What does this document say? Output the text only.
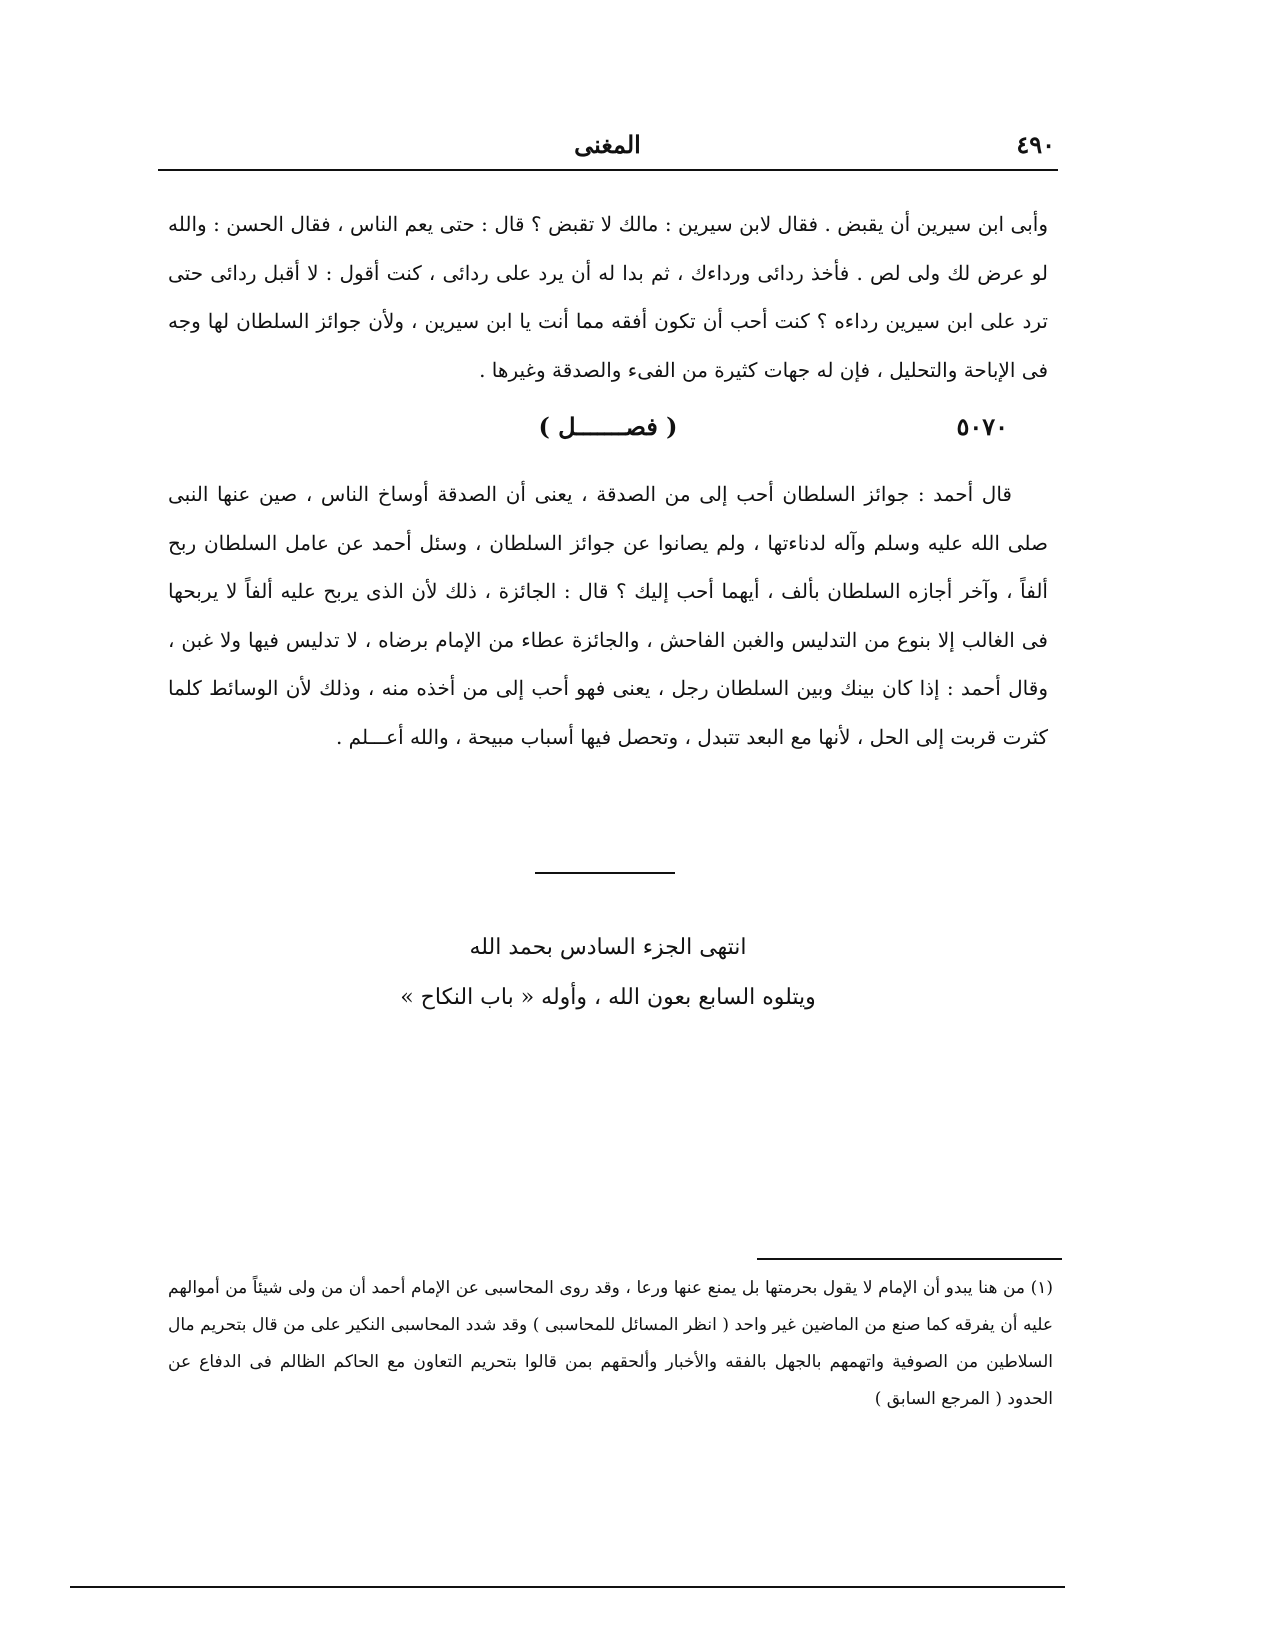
٤٩٠
المغنى

وأبى ابن سيرين أن يقبض . فقال لابن سيرين : مالك لا تقبض ؟ قال : حتى يعم الناس ، فقال الحسن : والله لو عرض لك ولى لص . فأخذ ردائى ورداءك ، ثم بدا له أن يرد على ردائى ، كنت أقول : لا أقبل ردائى حتى ترد على ابن سيرين رداءه ؟ كنت أحب أن تكون أفقه مما أنت يا ابن سيرين ، ولأن جوائز السلطان لها وجه فى الإباحة والتحليل ، فإن له جهات كثيرة من الفىء والصدقة وغيرها .

٥٠٧٠
( فصـــــــل )

قال أحمد : جوائز السلطان أحب إلى من الصدقة ، يعنى أن الصدقة أوساخ الناس ، صين عنها النبى صلى الله عليه وسلم وآله لدناءتها ، ولم يصانوا عن جوائز السلطان ، وسئل أحمد عن عامل السلطان ربح ألفاً ، وآخر أجازه السلطان بألف ، أيهما أحب إليك ؟ قال : الجائزة ، ذلك لأن الذى يربح عليه ألفاً لا يربحها فى الغالب إلا بنوع من التدليس والغبن الفاحش ، والجائزة عطاء من الإمام برضاه ، لا تدليس فيها ولا غبن ، وقال أحمد : إذا كان بينك وبين السلطان رجل ، يعنى فهو أحب إلى من أخذه منه ، وذلك لأن الوسائط كلما كثرت قربت إلى الحل ، لأنها مع البعد تتبدل ، وتحصل فيها أسباب مبيحة ، والله أعـــلم .

انتهى الجزء السادس بحمد الله
ويتلوه السابع بعون الله ، وأوله « باب النكاح »

(١) من هنا يبدو أن الإمام لا يقول بحرمتها بل يمنع عنها ورعا ، وقد روى المحاسبى عن الإمام أحمد أن من ولى شيئاً من أموالهم عليه أن يفرقه كما صنع من الماضين غير واحد ( انظر المسائل للمحاسبى ) وقد شدد المحاسبى النكير على من قال بتحريم مال السلاطين من الصوفية واتهمهم بالجهل بالفقه والأخبار وألحقهم بمن قالوا بتحريم التعاون مع الحاكم الظالم فى الدفاع عن الحدود ( المرجع السابق )
